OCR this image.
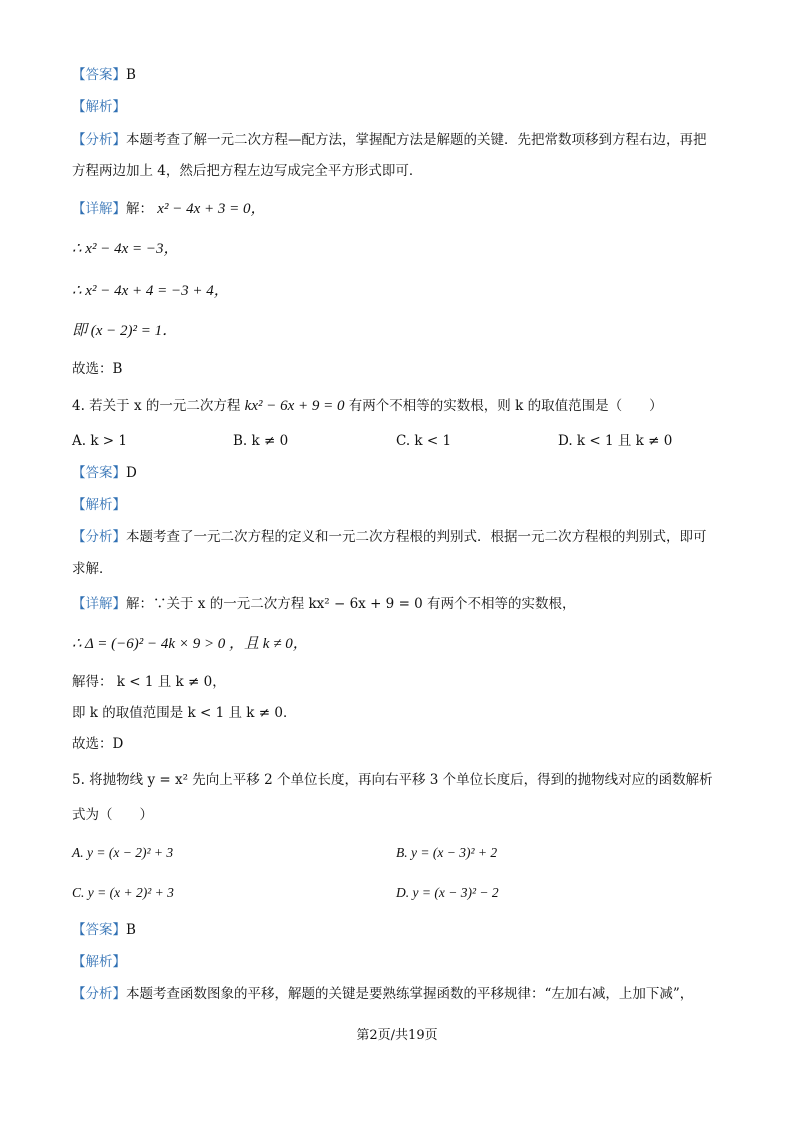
【答案】B
【解析】
【分析】本题考查了解一元二次方程—配方法，掌握配方法是解题的关键．先把常数项移到方程右边，再把
方程两边加上 4，然后把方程左边写成完全平方形式即可．
【详解】解： x² − 4x + 3 = 0，
∴ x² − 4x = −3，
∴ x² − 4x + 4 = −3 + 4，
即 (x − 2)² = 1．
故选：B
4. 若关于 x 的一元二次方程 kx² − 6x + 9 = 0 有两个不相等的实数根，则 k 的取值范围是（　　）
A. k > 1	B. k ≠ 0	C. k < 1	D. k < 1 且 k ≠ 0
【答案】D
【解析】
【分析】本题考查了一元二次方程的定义和一元二次方程根的判别式．根据一元二次方程根的判别式，即可
求解．
【详解】解：∵关于 x 的一元二次方程 kx² − 6x + 9 = 0 有两个不相等的实数根，
∴ Δ = (−6)² − 4k × 9 > 0 ，且 k ≠ 0，
解得： k < 1 且 k ≠ 0，
即 k 的取值范围是 k < 1 且 k ≠ 0．
故选：D
5. 将抛物线 y = x² 先向上平移 2 个单位长度，再向右平移 3 个单位长度后，得到的抛物线对应的函数解析
式为（　　）
A. y = (x − 2)² + 3	B. y = (x − 3)² + 2
C. y = (x + 2)² + 3	D. y = (x − 3)² − 2
【答案】B
【解析】
【分析】本题考查函数图象的平移，解题的关键是要熟练掌握函数的平移规律：“左加右减，上加下减”，
第2页/共19页
